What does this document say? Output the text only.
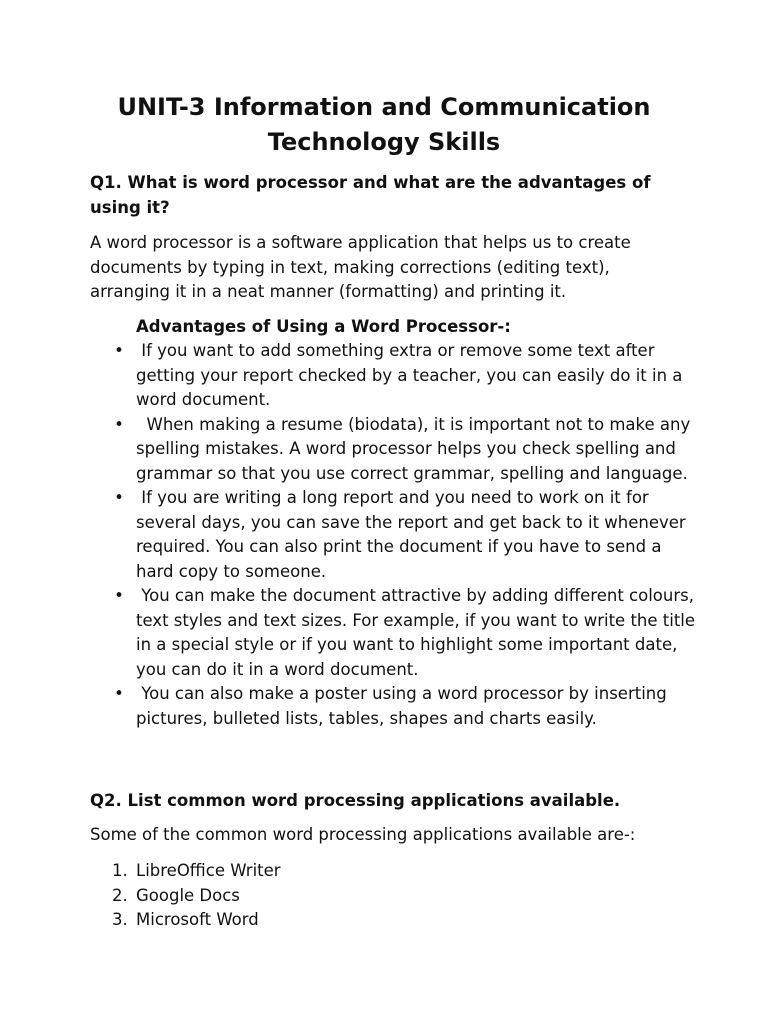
UNIT-3 Information and Communication Technology Skills

Q1. What is word processor and what are the advantages of using it?

A word processor is a software application that helps us to create documents by typing in text, making corrections (editing text), arranging it in a neat manner (formatting) and printing it.

Advantages of Using a Word Processor-:

• If you want to add something extra or remove some text after getting your report checked by a teacher, you can easily do it in a word document.
• When making a resume (biodata), it is important not to make any spelling mistakes. A word processor helps you check spelling and grammar so that you use correct grammar, spelling and language.
• If you are writing a long report and you need to work on it for several days, you can save the report and get back to it whenever required. You can also print the document if you have to send a hard copy to someone.
• You can make the document attractive by adding different colours, text styles and text sizes. For example, if you want to write the title in a special style or if you want to highlight some important date, you can do it in a word document.
• You can also make a poster using a word processor by inserting pictures, bulleted lists, tables, shapes and charts easily.

Q2. List common word processing applications available.

Some of the common word processing applications available are-:

1. LibreOffice Writer
2. Google Docs
3. Microsoft Word
